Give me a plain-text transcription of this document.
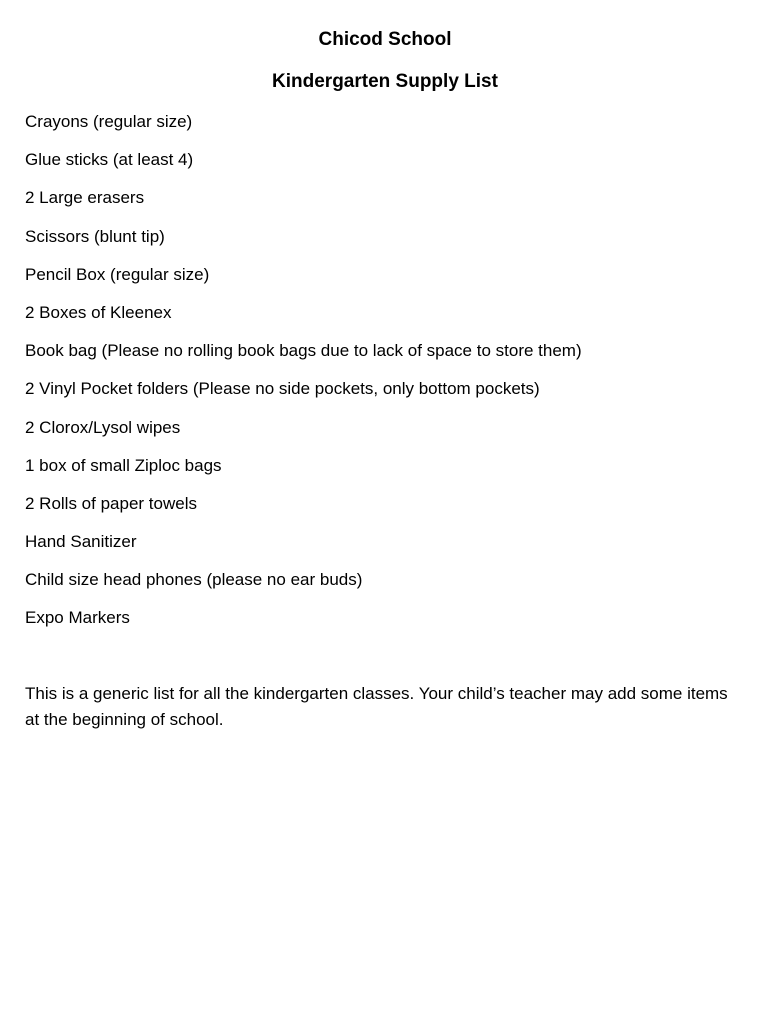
Chicod School
Kindergarten Supply List
Crayons (regular size)
Glue sticks (at least 4)
2 Large erasers
Scissors (blunt tip)
Pencil Box (regular size)
2 Boxes of Kleenex
Book bag (Please no rolling book bags due to lack of space to store them)
2 Vinyl Pocket folders (Please no side pockets, only bottom pockets)
2 Clorox/Lysol wipes
1 box of small Ziploc bags
2 Rolls of paper towels
Hand Sanitizer
Child size head phones (please no ear buds)
Expo Markers

This is a generic list for all the kindergarten classes. Your child’s teacher may add some items at the beginning of school.
